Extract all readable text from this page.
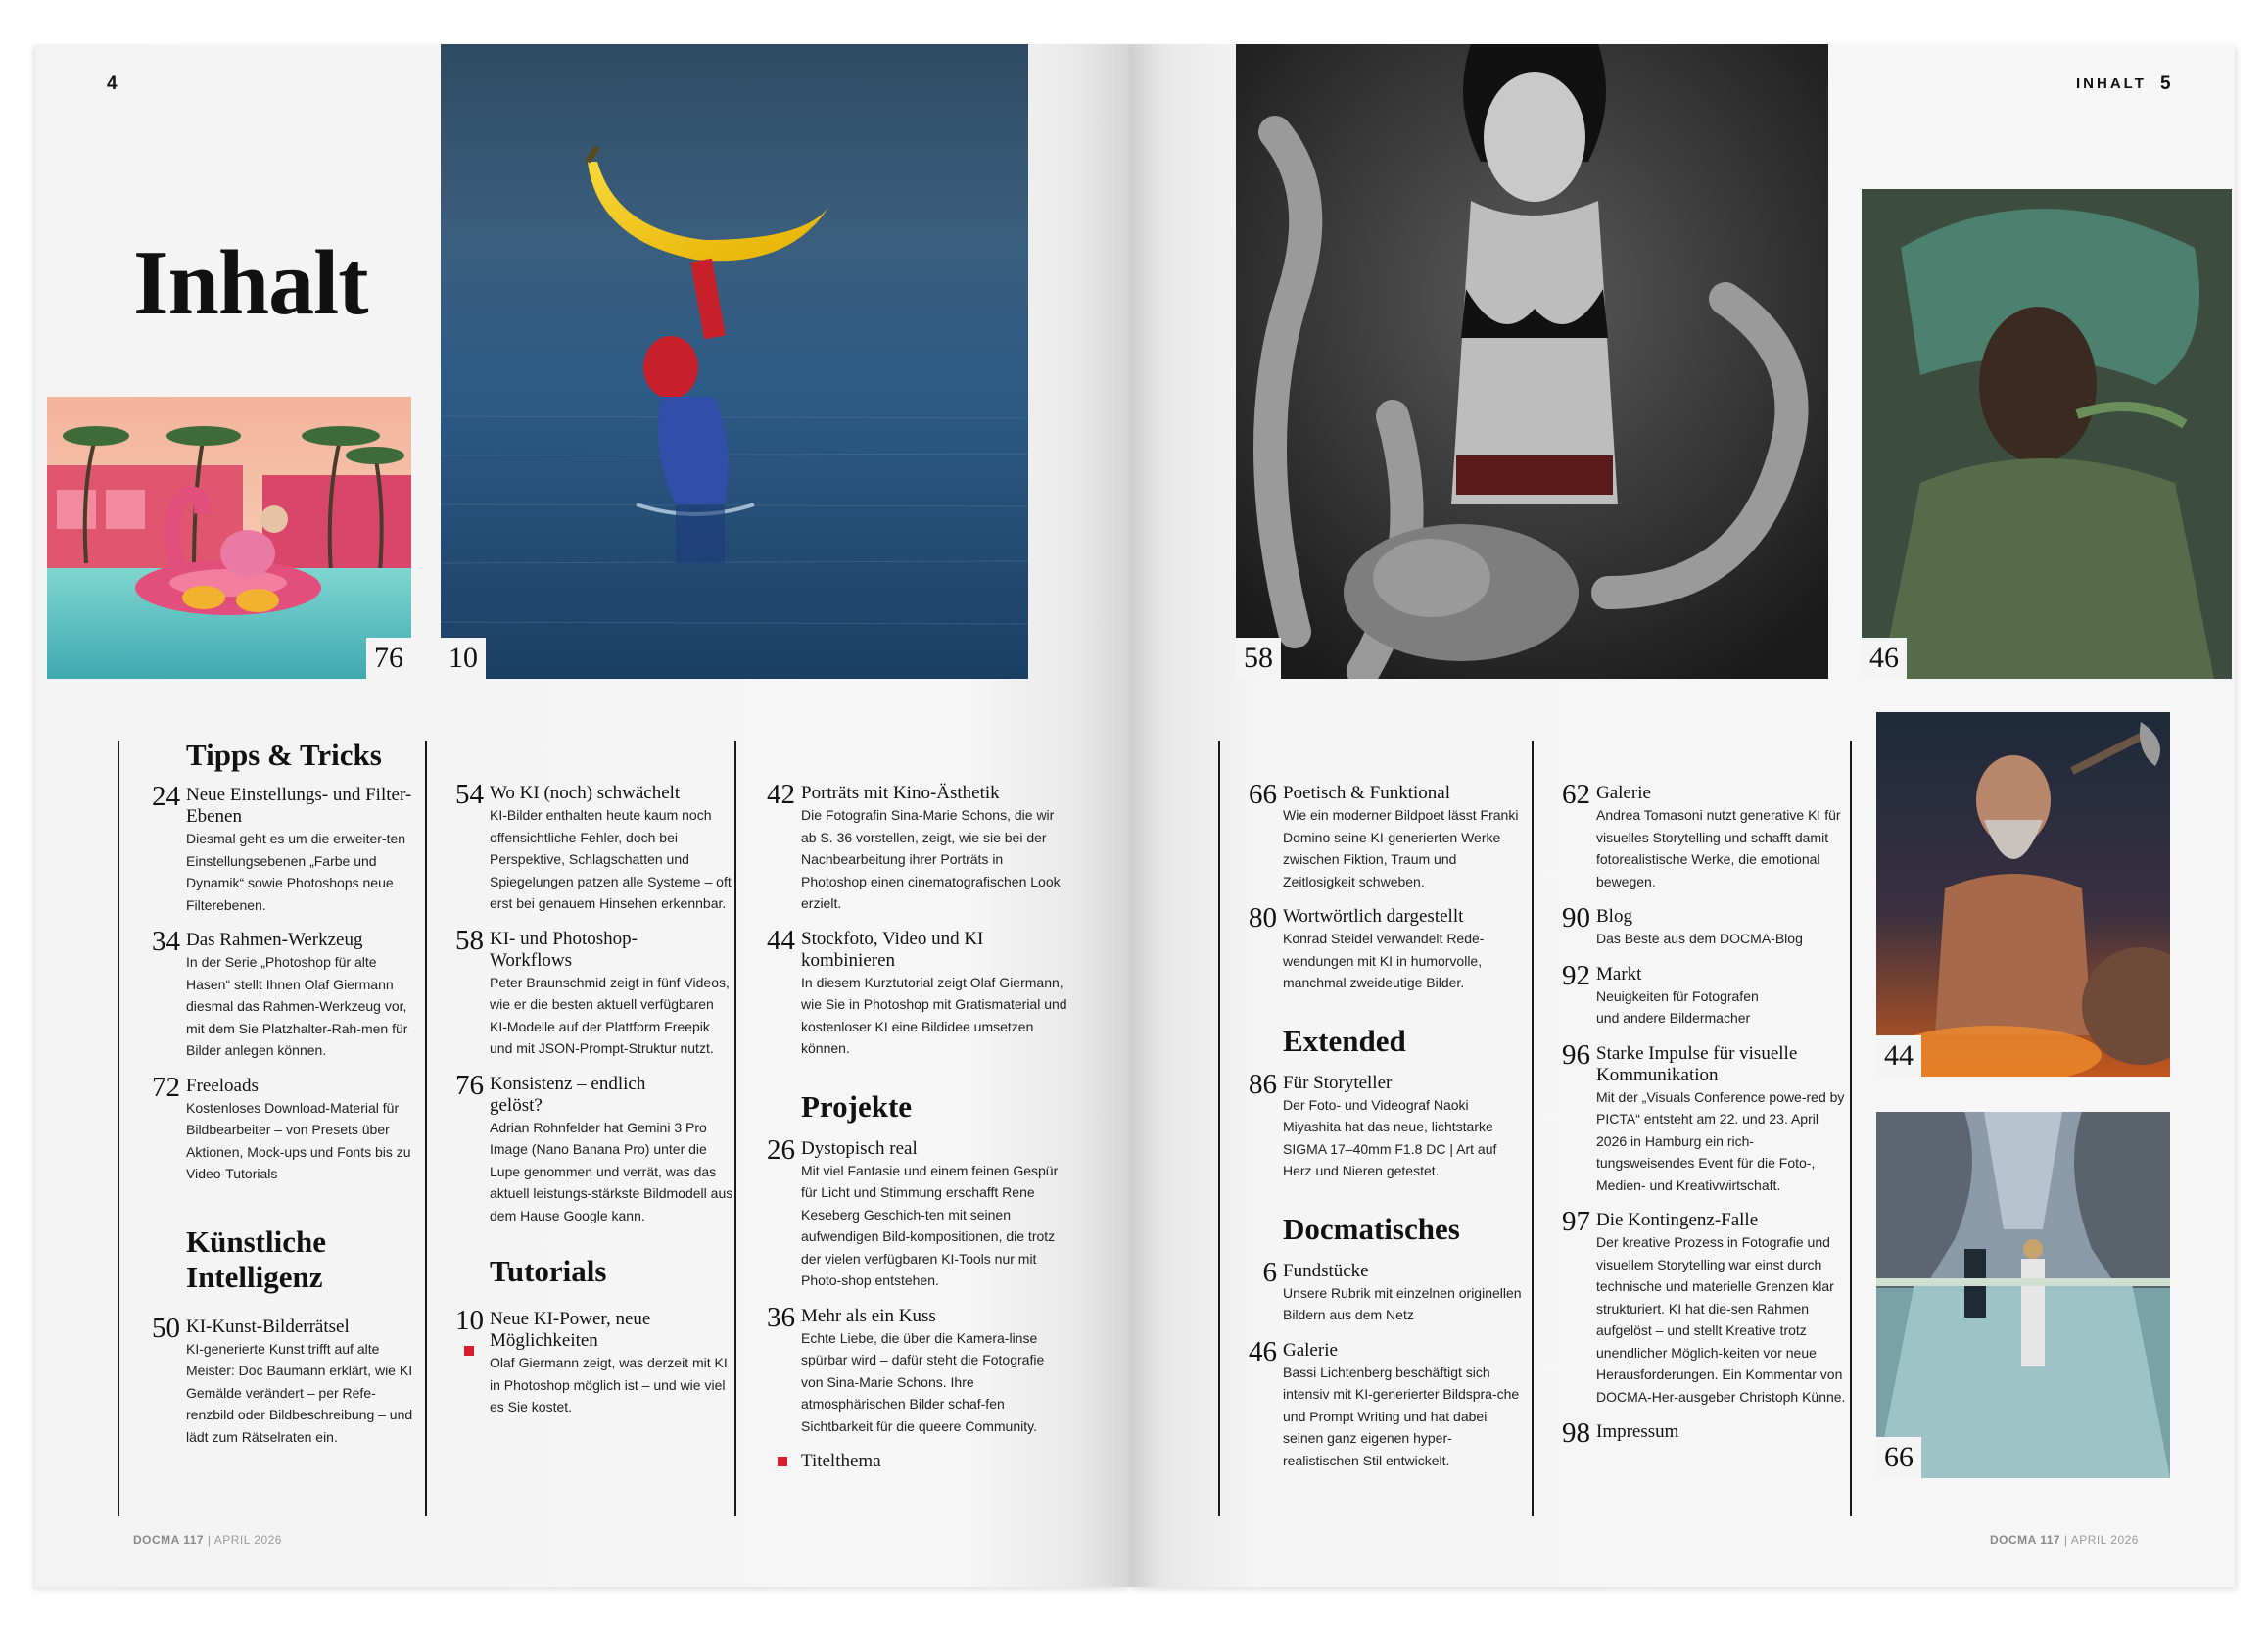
4
Inhalt
76 10
Tipps & Tricks
24 Neue Einstellungs- und Filter-Ebenen
Diesmal geht es um die erweiter-ten Einstellungsebenen „Farbe und Dynamik“ sowie Photoshops neue Filterebenen.
34 Das Rahmen-Werkzeug
In der Serie „Photoshop für alte Hasen“ stellt Ihnen Olaf Giermann diesmal das Rahmen-Werkzeug vor, mit dem Sie Platzhalter-Rah-men für Bilder anlegen können.
72 Freeloads
Kostenloses Download-Material für Bildbearbeiter – von Presets über Aktionen, Mock-ups und Fonts bis zu Video-Tutorials
Künstliche Intelligenz
50 KI-Kunst-Bilderrätsel
KI-generierte Kunst trifft auf alte Meister: Doc Baumann erklärt, wie KI Gemälde verändert – per Refe-renzbild oder Bildbeschreibung – und lädt zum Rätselraten ein.
54 Wo KI (noch) schwächelt
KI-Bilder enthalten heute kaum noch offensichtliche Fehler, doch bei Perspektive, Schlagschatten und Spiegelungen patzen alle Systeme – oft erst bei genauem Hinsehen erkennbar.
58 KI- und Photoshop-Workflows
Peter Braunschmid zeigt in fünf Videos, wie er die besten aktuell verfügbaren KI-Modelle auf der Plattform Freepik und mit JSON-Prompt-Struktur nutzt.
76 Konsistenz – endlich gelöst?
Adrian Rohnfelder hat Gemini 3 Pro Image (Nano Banana Pro) unter die Lupe genommen und verrät, was das aktuell leistungs-stärkste Bildmodell aus dem Hause Google kann.
Tutorials
10 Neue KI-Power, neue Möglichkeiten
Olaf Giermann zeigt, was derzeit mit KI in Photoshop möglich ist – und wie viel es Sie kostet.
42 Porträts mit Kino-Ästhetik
Die Fotografin Sina-Marie Schons, die wir ab S. 36 vorstellen, zeigt, wie sie bei der Nachbearbeitung ihrer Porträts in Photoshop einen cinematografischen Look erzielt.
44 Stockfoto, Video und KI kombinieren
In diesem Kurztutorial zeigt Olaf Giermann, wie Sie in Photoshop mit Gratismaterial und kostenloser KI eine Bildidee umsetzen können.
Projekte
26 Dystopisch real
Mit viel Fantasie und einem feinen Gespür für Licht und Stimmung erschafft Rene Keseberg Geschich-ten mit seinen aufwendigen Bild-kompositionen, die trotz der vielen verfügbaren KI-Tools nur mit Photo-shop entstehen.
36 Mehr als ein Kuss
Echte Liebe, die über die Kamera-linse spürbar wird – dafür steht die Fotografie von Sina-Marie Schons. Ihre atmosphärischen Bilder schaf-fen Sichtbarkeit für die queere Community.
Titelthema
DOCMA 117 | APRIL 2026
INHALT 5
58	46
44
66
66 Poetisch & Funktional
Wie ein moderner Bildpoet lässt Franki Domino seine KI-generierten Werke zwischen Fiktion, Traum und Zeitlosigkeit schweben.
80 Wortwörtlich dargestellt
Konrad Steidel verwandelt Rede-wendungen mit KI in humorvolle, manchmal zweideutige Bilder.
Extended
86 Für Storyteller
Der Foto- und Videograf Naoki Miyashita hat das neue, lichtstarke SIGMA 17–40mm F1.8 DC | Art auf Herz und Nieren getestet.
Docmatisches
6 Fundstücke
Unsere Rubrik mit einzelnen originellen Bildern aus dem Netz
46 Galerie
Bassi Lichtenberg beschäftigt sich intensiv mit KI-generierter Bildspra-che und Prompt Writing und hat dabei seinen ganz eigenen hyper-realistischen Stil entwickelt.
62 Galerie
Andrea Tomasoni nutzt generative KI für visuelles Storytelling und schafft damit fotorealistische Werke, die emotional bewegen.
90 Blog
Das Beste aus dem DOCMA-Blog
92 Markt
Neuigkeiten für Fotografen und andere Bildermacher
96 Starke Impulse für visuelle Kommunikation
Mit der „Visuals Conference powe-red by PICTA“ entsteht am 22. und 23. April 2026 in Hamburg ein rich-tungsweisendes Event für die Foto-, Medien- und Kreativwirtschaft.
97 Die Kontingenz-Falle
Der kreative Prozess in Fotografie und visuellem Storytelling war einst durch technische und materielle Grenzen klar strukturiert. KI hat die-sen Rahmen aufgelöst – und stellt Kreative trotz unendlicher Möglich-keiten vor neue Herausforderungen. Ein Kommentar von DOCMA-Her-ausgeber Christoph Künne.
98 Impressum
DOCMA 117 | APRIL 2026
